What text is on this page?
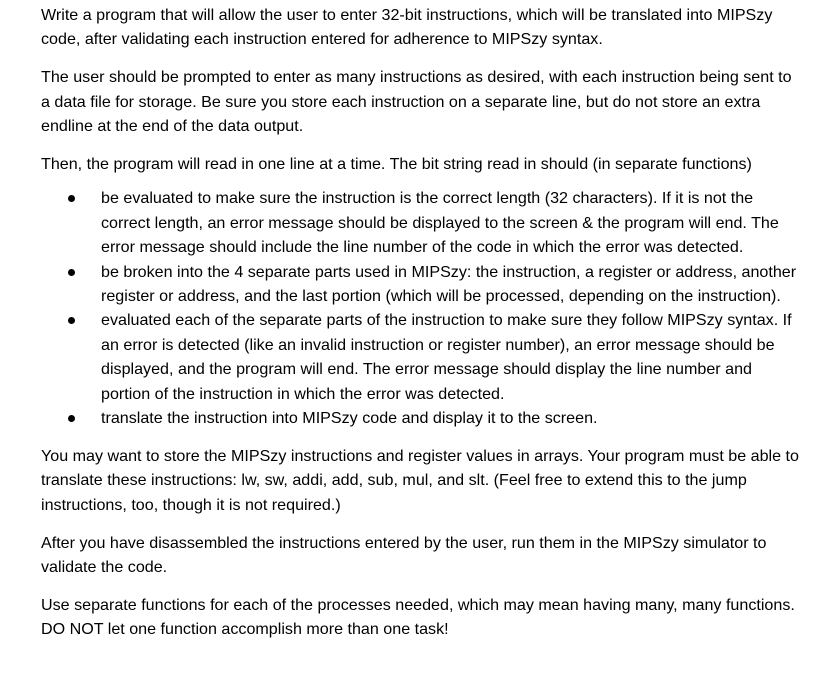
Write a program that will allow the user to enter 32-bit instructions, which will be translated into MIPSzy code, after validating each instruction entered for adherence to MIPSzy syntax.

The user should be prompted to enter as many instructions as desired, with each instruction being sent to a data file for storage. Be sure you store each instruction on a separate line, but do not store an extra endline at the end of the data output.

Then, the program will read in one line at a time. The bit string read in should (in separate functions)

be evaluated to make sure the instruction is the correct length (32 characters). If it is not the correct length, an error message should be displayed to the screen & the program will end. The error message should include the line number of the code in which the error was detected.
be broken into the 4 separate parts used in MIPSzy: the instruction, a register or address, another register or address, and the last portion (which will be processed, depending on the instruction).
evaluated each of the separate parts of the instruction to make sure they follow MIPSzy syntax. If an error is detected (like an invalid instruction or register number), an error message should be displayed, and the program will end. The error message should display the line number and portion of the instruction in which the error was detected.
translate the instruction into MIPSzy code and display it to the screen.

You may want to store the MIPSzy instructions and register values in arrays. Your program must be able to translate these instructions: lw, sw, addi, add, sub, mul, and slt. (Feel free to extend this to the jump instructions, too, though it is not required.)

After you have disassembled the instructions entered by the user, run them in the MIPSzy simulator to validate the code.

Use separate functions for each of the processes needed, which may mean having many, many functions. DO NOT let one function accomplish more than one task!
